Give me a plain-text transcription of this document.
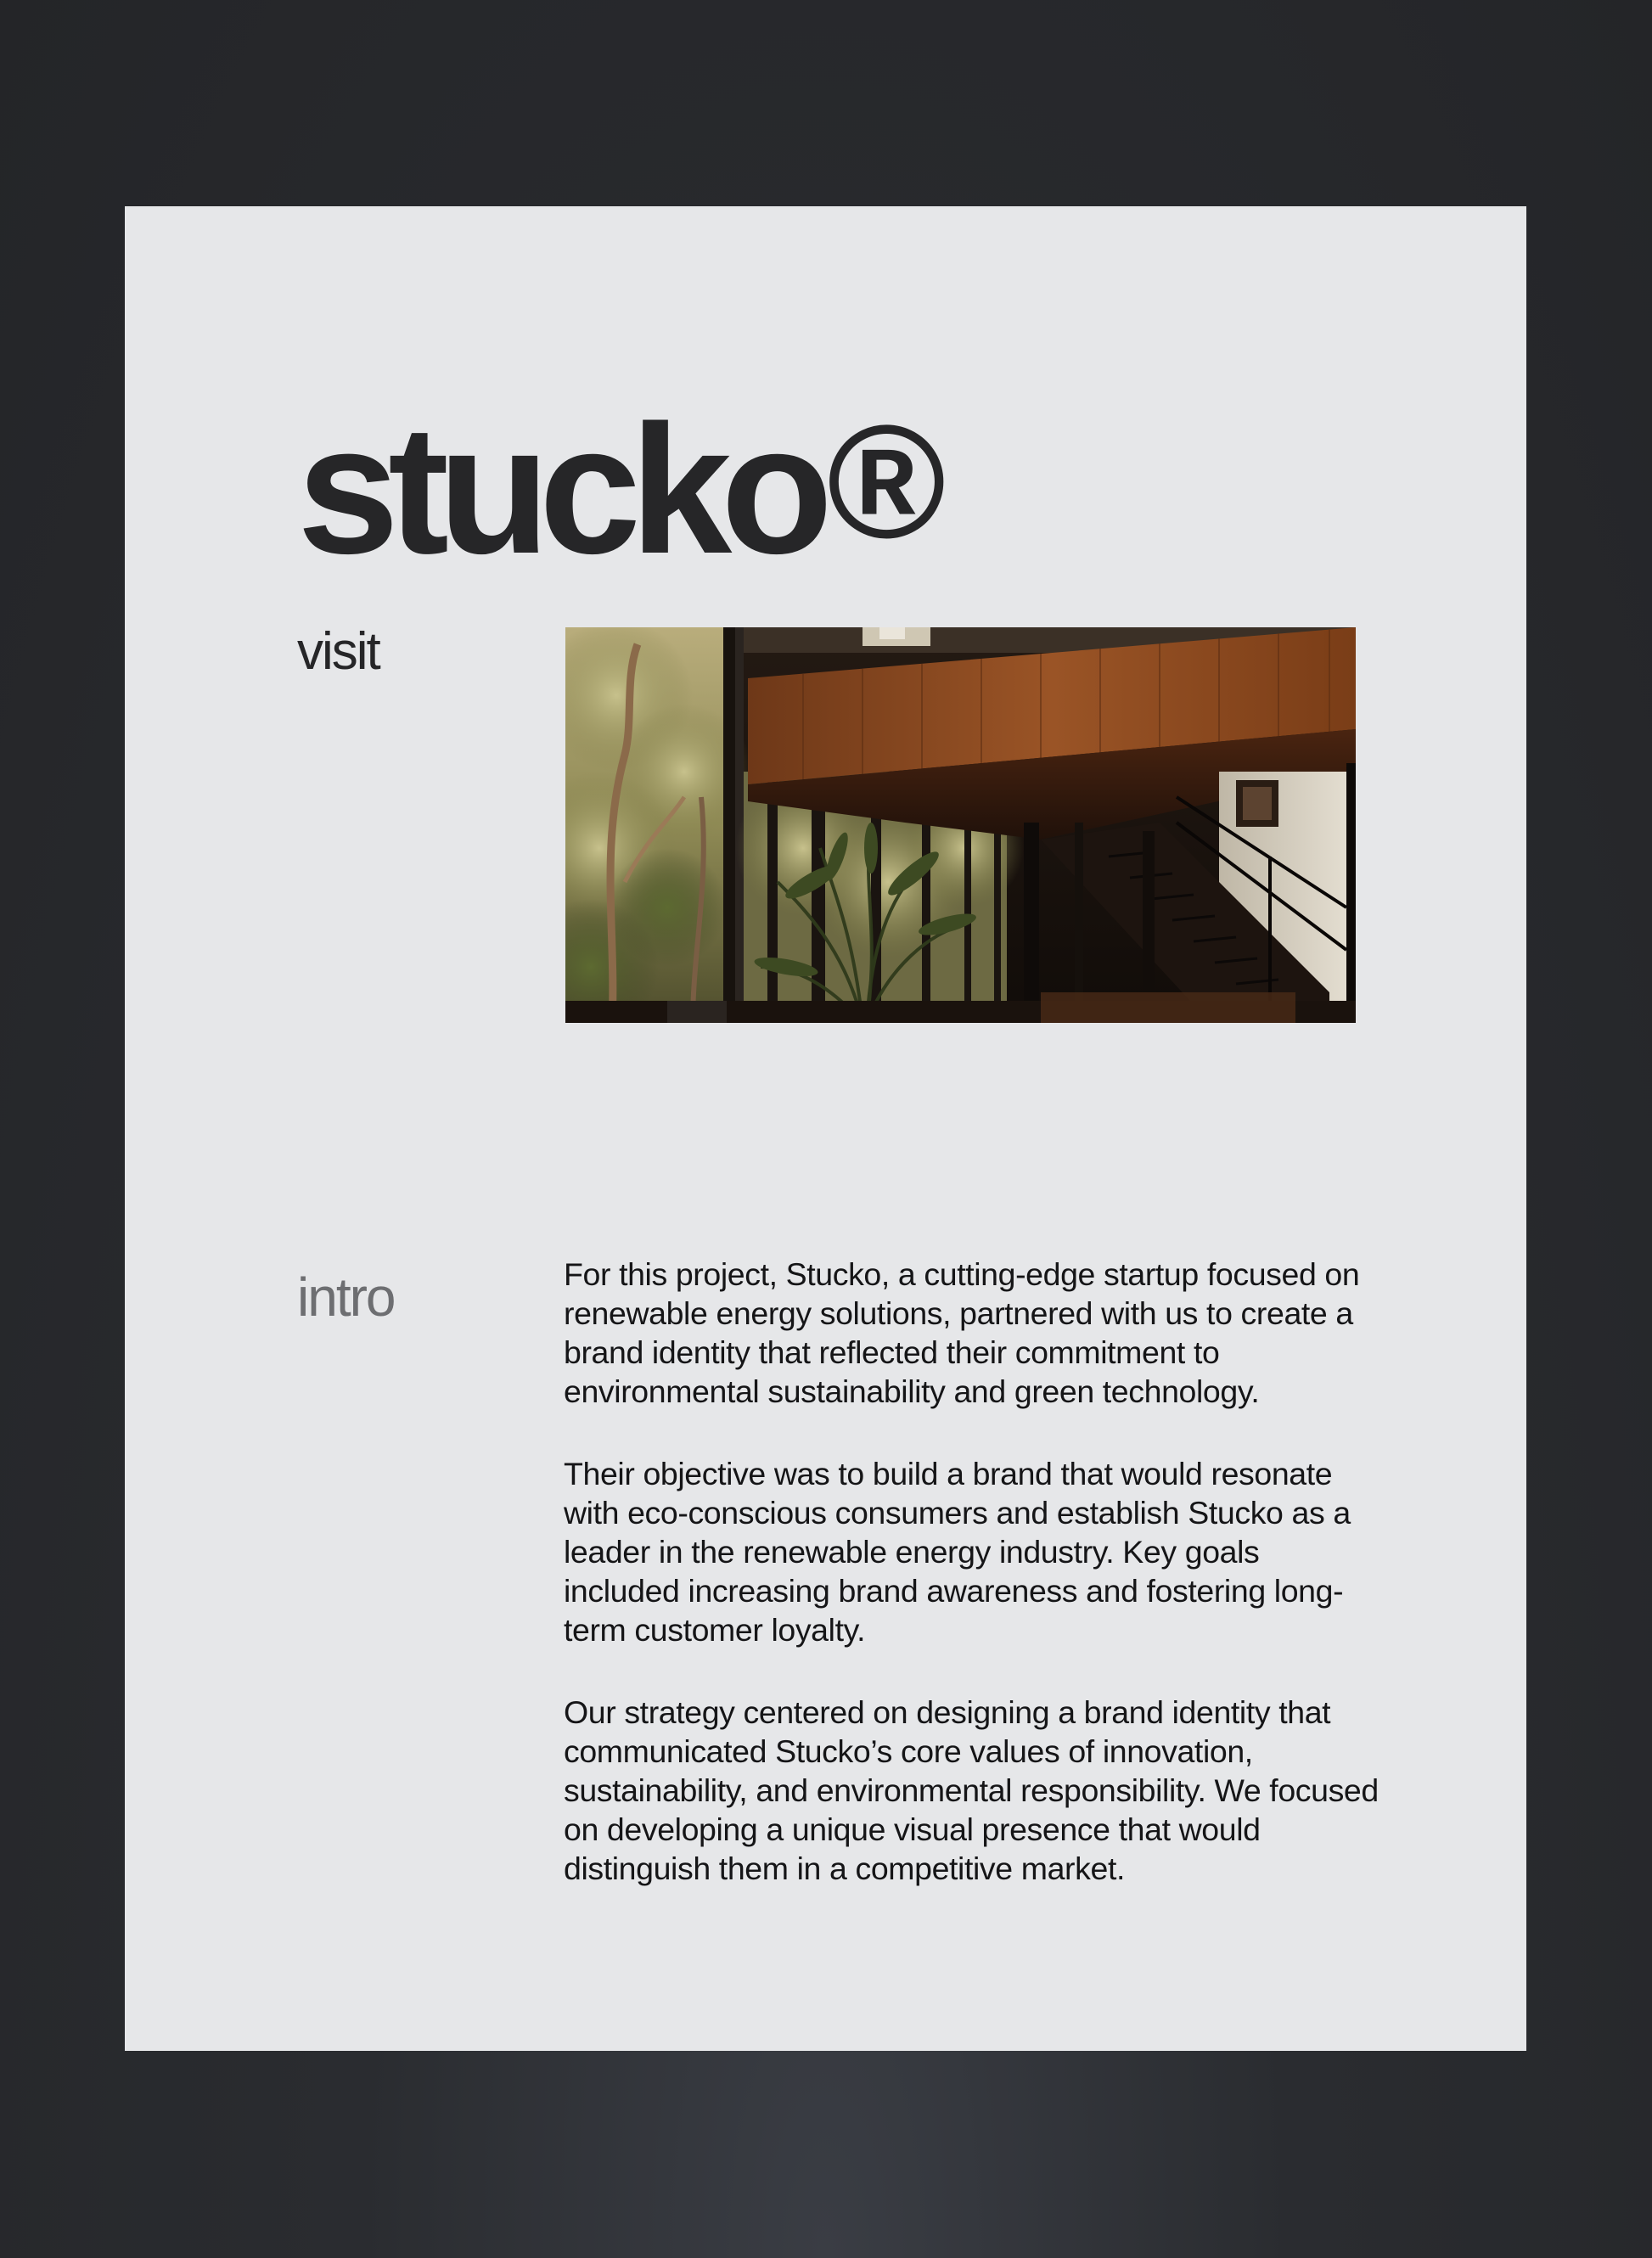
stucko®
visit
intro	For this project, Stucko, a cutting-edge startup focused on renewable energy solutions, partnered with us to create a brand identity that reflected their commitment to environmental sustainability and green technology.

Their objective was to build a brand that would resonate with eco-conscious consumers and establish Stucko as a leader in the renewable energy industry. Key goals included increasing brand awareness and fostering long-term customer loyalty.

Our strategy centered on designing a brand identity that communicated Stucko’s core values of innovation, sustainability, and environmental responsibility. We focused on developing a unique visual presence that would distinguish them in a competitive market.
